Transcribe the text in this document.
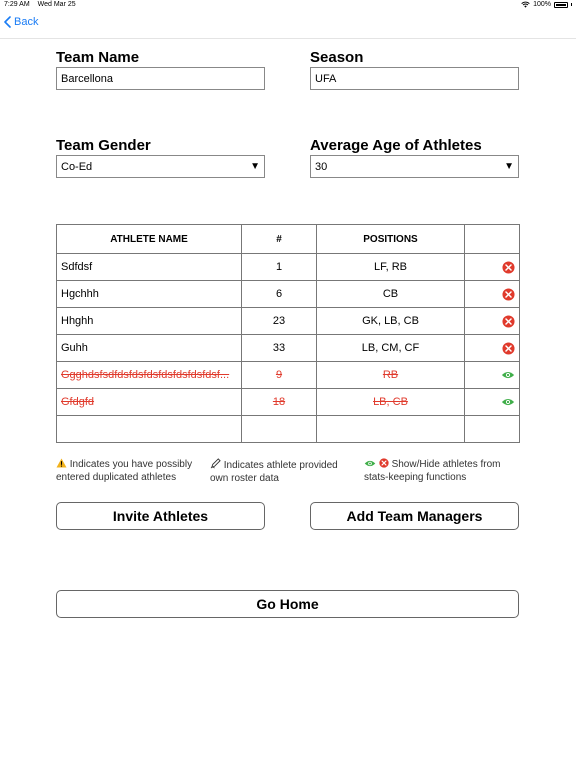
7:29 AM Wed Mar 25	100%
Back
Team Name
Barcellona
Season
UFA
Team Gender
Co-Ed	▼
Average Age of Athletes
30	▼
ATHLETE NAME	#	POSITIONS	
Sdfdsf	1	LF, RB	
Hgchhh	6	CB	
Hhghh	23	GK, LB, CB	
Guhh	33	LB, CM, CF	
Ggghdsfsdfdsfdsfdsfdsfdsfdsfdsf...	9	RB	
Gfdgfd	18	LB, CB	

Indicates you have possibly entered duplicated athletes
Indicates athlete provided own roster data
Show/Hide athletes from stats-keeping functions
Invite Athletes	Add Team Managers
Go Home
